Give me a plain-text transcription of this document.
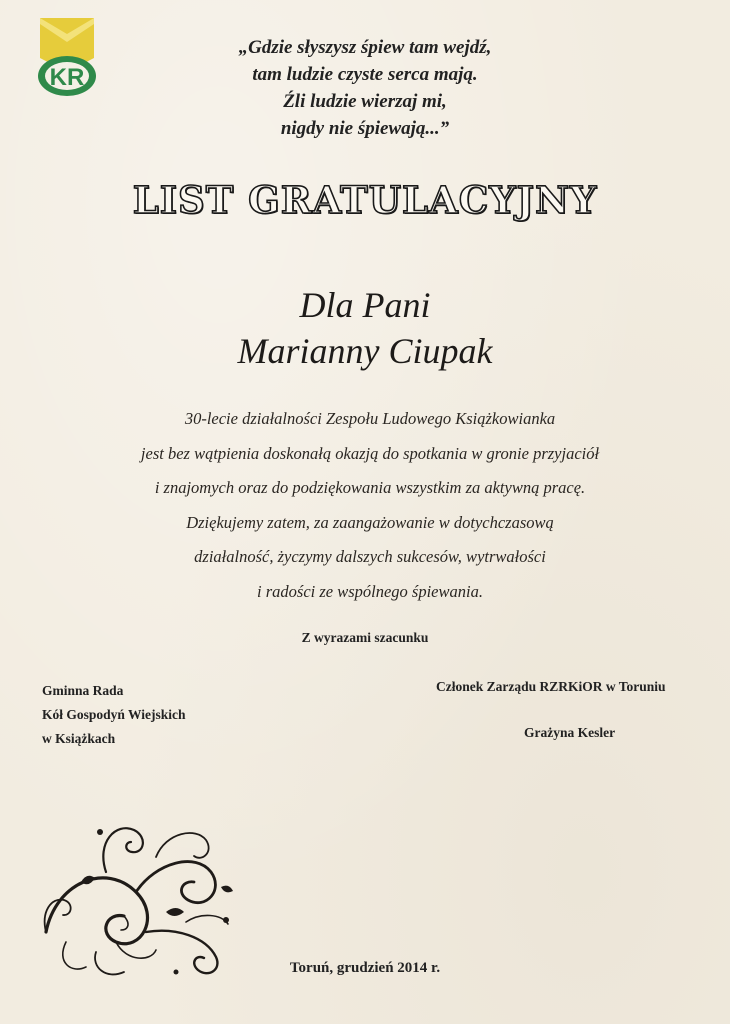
KR
„Gdzie słyszysz śpiew tam wejdź,
tam ludzie czyste serca mają.
Źli ludzie wierzaj mi,
nigdy nie śpiewają...”
LIST GRATULACYJNY
Dla Pani
Marianny Ciupak
30-lecie działalności Zespołu Ludowego Książkowianka
jest bez wątpienia doskonałą okazją do spotkania w gronie przyjaciół
i znajomych oraz do podziękowania wszystkim za aktywną pracę.
Dziękujemy zatem, za zaangażowanie w dotychczasową
działalność, życzymy dalszych sukcesów, wytrwałości
i radości ze wspólnego śpiewania.
Z wyrazami szacunku
Gminna Rada
Kół Gospodyń Wiejskich
w Książkach
Członek Zarządu RZRKiOR w Toruniu
Grażyna Kesler
Toruń, grudzień 2014 r.
